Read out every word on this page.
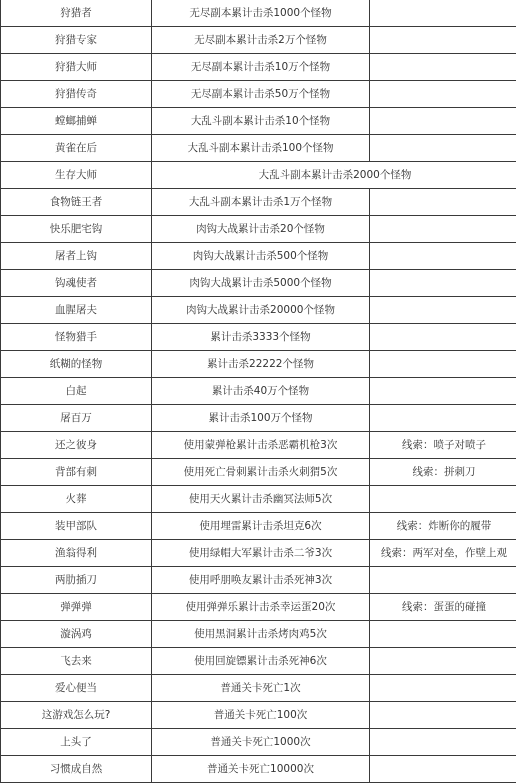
狩猎者	无尽副本累计击杀1000个怪物	
狩猎专家	无尽副本累计击杀2万个怪物	
狩猎大师	无尽副本累计击杀10万个怪物	
狩猎传奇	无尽副本累计击杀50万个怪物	
螳螂捕蝉	大乱斗副本累计击杀10个怪物	
黄雀在后	大乱斗副本累计击杀100个怪物	
生存大师	大乱斗副本累计击杀2000个怪物	
食物链王者	大乱斗副本累计击杀1万个怪物	
快乐肥宅钩	肉钩大战累计击杀20个怪物	
屠者上钩	肉钩大战累计击杀500个怪物	
钩魂使者	肉钩大战累计击杀5000个怪物	
血腥屠夫	肉钩大战累计击杀20000个怪物	
怪物猎手	累计击杀3333个怪物	
纸糊的怪物	累计击杀22222个怪物	
白起	累计击杀40万个怪物	
屠百万	累计击杀100万个怪物	
还之彼身	使用蒙弹枪累计击杀恶霸机枪3次	线索：喷子对喷子
背部有刺	使用死亡骨刺累计击杀火刺猬5次	线索：拼刺刀
火葬	使用天火累计击杀幽冥法师5次	
装甲部队	使用埋雷累计击杀坦克6次	线索：炸断你的履带
渔翁得利	使用绿帽大军累计击杀二爷3次	线索：两军对垒，作壁上观
两肋插刀	使用呼朋唤友累计击杀死神3次	
弹弹弹	使用弹弹乐累计击杀幸运蛋20次	线索：蛋蛋的碰撞
漩涡鸡	使用黑洞累计击杀烤肉鸡5次	
飞去来	使用回旋镖累计击杀死神6次	
爱心便当	普通关卡死亡1次	
这游戏怎么玩?	普通关卡死亡100次	
上头了	普通关卡死亡1000次	
习惯成自然	普通关卡死亡10000次	
